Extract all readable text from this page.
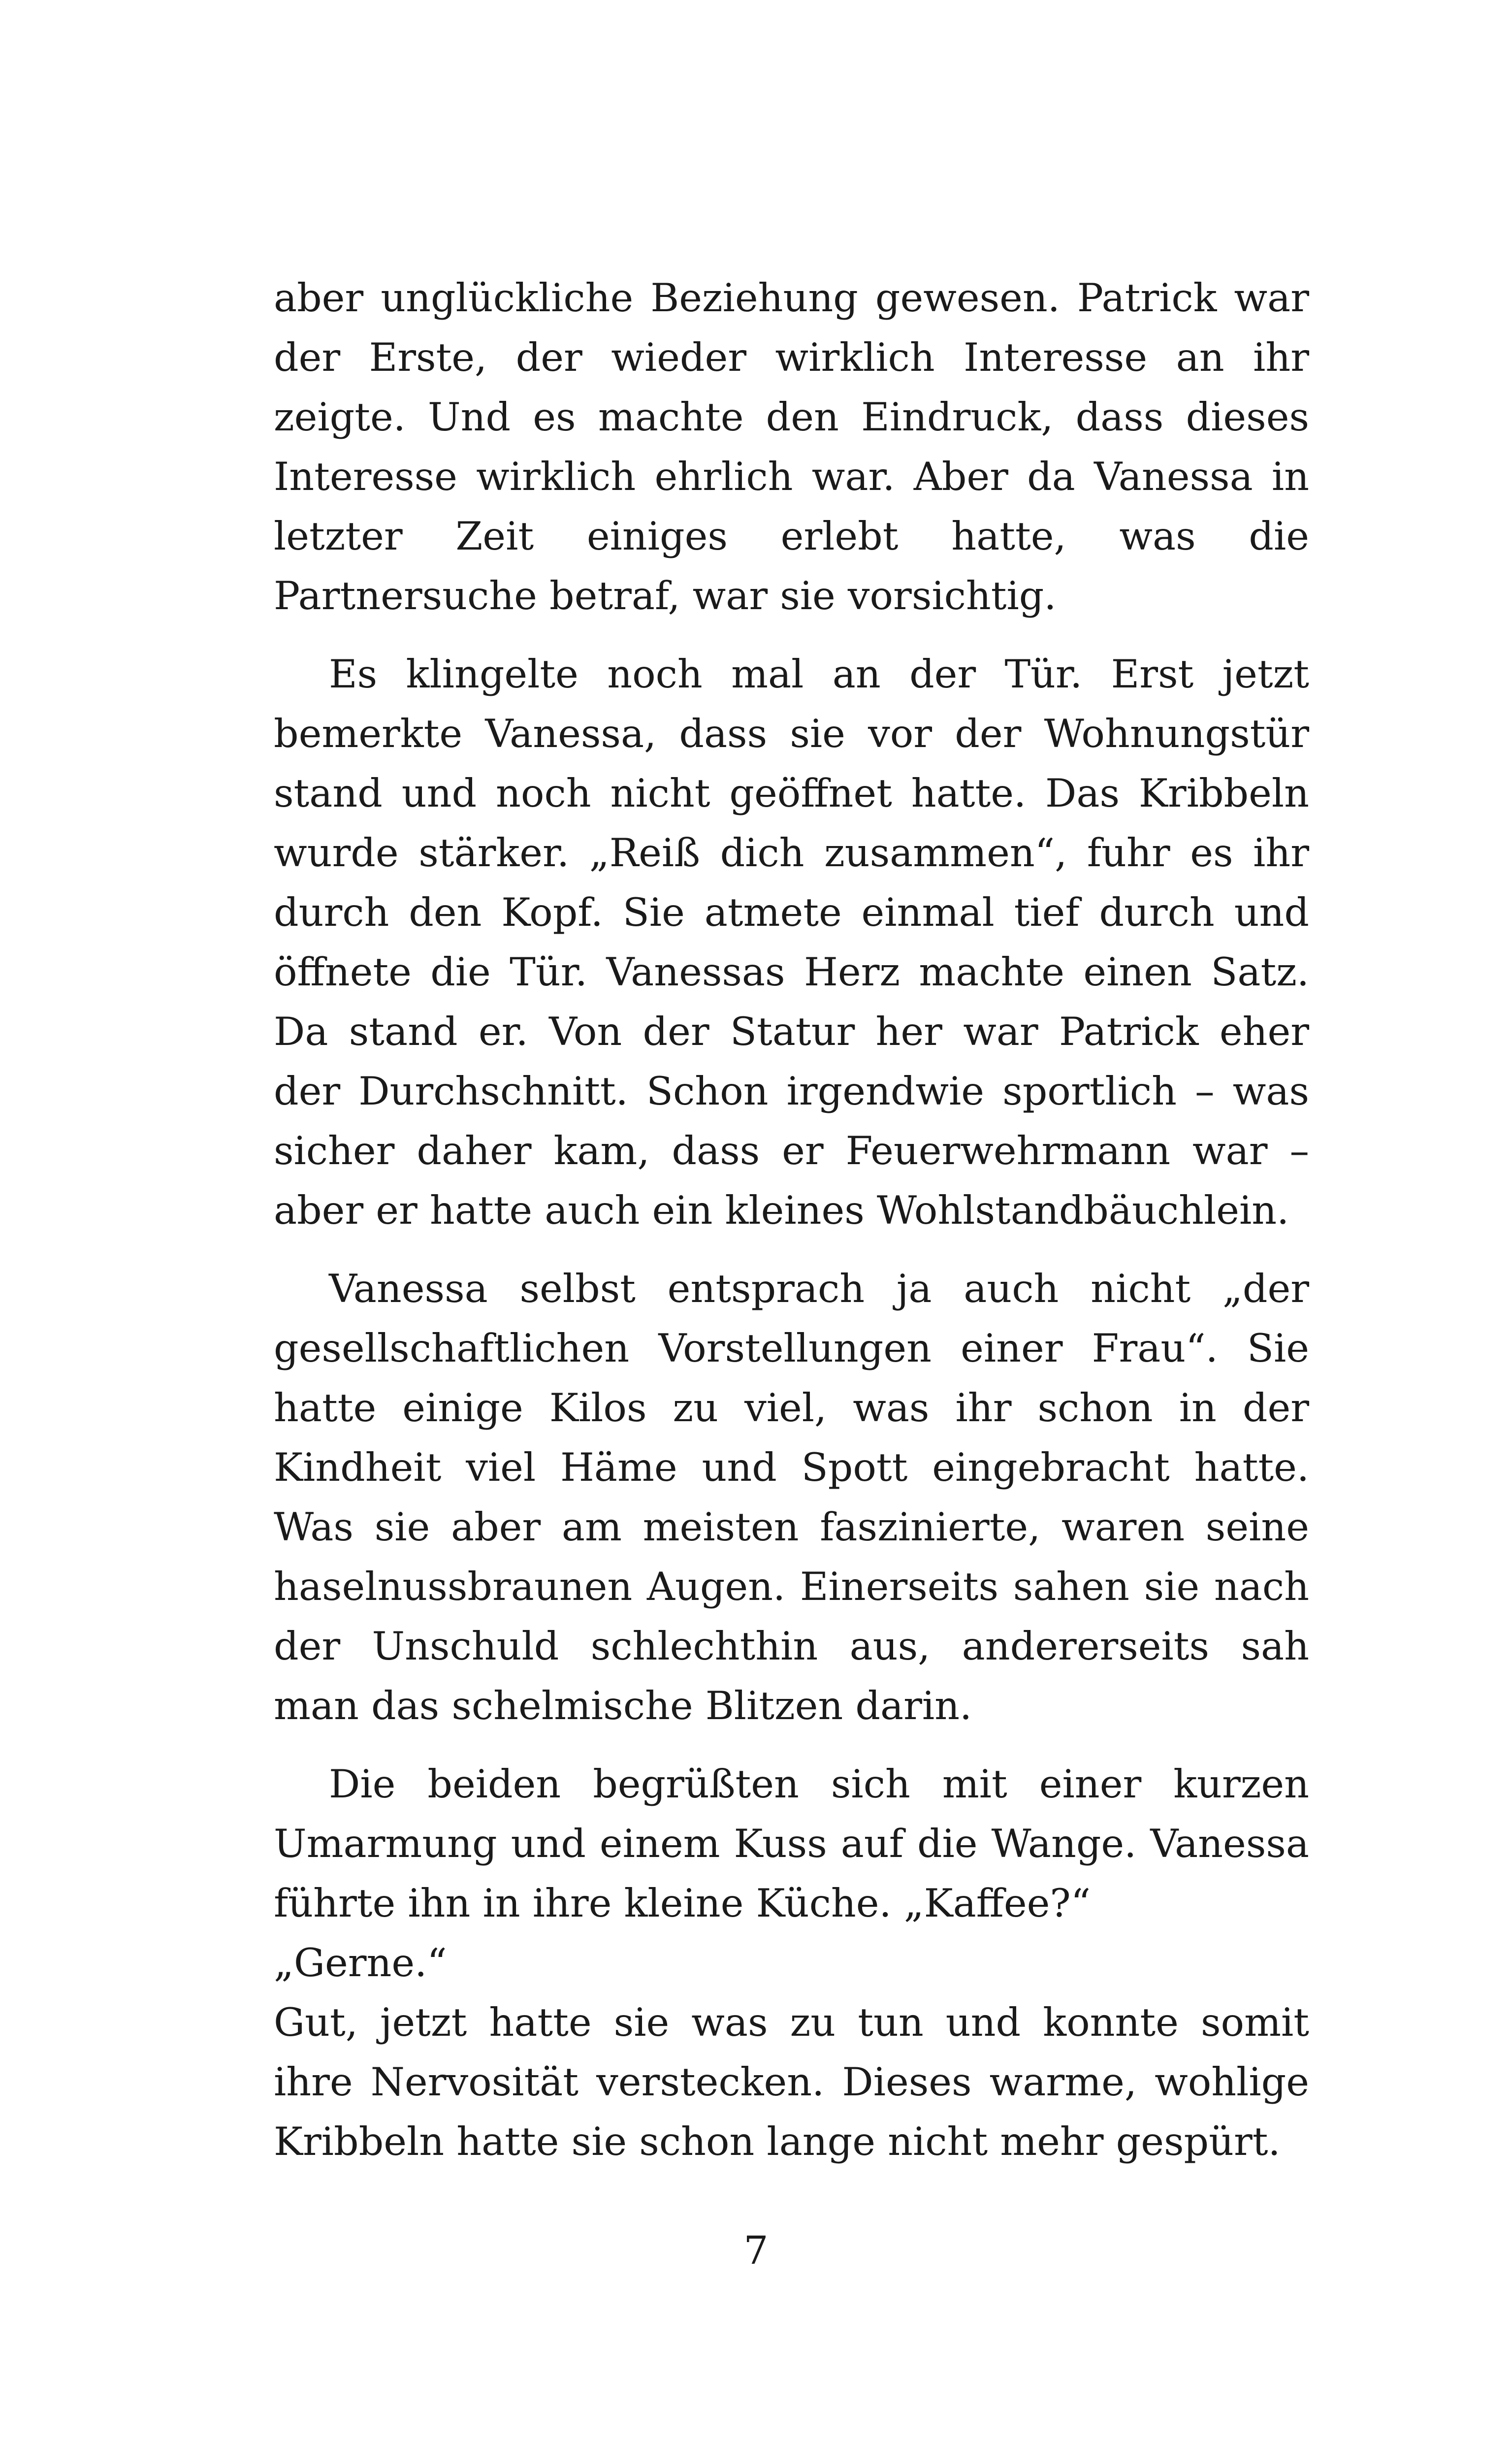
aber unglückliche Beziehung gewesen. Patrick war der Erste, der wieder wirklich Interesse an ihr zeigte. Und es machte den Eindruck, dass dieses Interesse wirklich ehrlich war. Aber da Vanessa in letzter Zeit einiges erlebt hatte, was die Partnersuche betraf, war sie vorsichtig.

Es klingelte noch mal an der Tür. Erst jetzt bemerkte Vanessa, dass sie vor der Wohnungstür stand und noch nicht geöffnet hatte. Das Kribbeln wurde stärker. „Reiß dich zusammen“, fuhr es ihr durch den Kopf. Sie atmete einmal tief durch und öffnete die Tür. Vanessas Herz machte einen Satz. Da stand er. Von der Statur her war Patrick eher der Durchschnitt. Schon irgendwie sportlich – was sicher daher kam, dass er Feuerwehrmann war – aber er hatte auch ein kleines Wohlstandbäuchlein.

Vanessa selbst entsprach ja auch nicht „der gesellschaftlichen Vorstellungen einer Frau“. Sie hatte einige Kilos zu viel, was ihr schon in der Kindheit viel Häme und Spott eingebracht hatte. Was sie aber am meisten faszinierte, waren seine haselnussbraunen Augen. Einerseits sahen sie nach der Unschuld schlechthin aus, andererseits sah man das schelmische Blitzen darin.

Die beiden begrüßten sich mit einer kurzen Umarmung und einem Kuss auf die Wange. Vanessa führte ihn in ihre kleine Küche. „Kaffee?“

„Gerne.“

Gut, jetzt hatte sie was zu tun und konnte somit ihre Nervosität verstecken. Dieses warme, wohlige Kribbeln hatte sie schon lange nicht mehr gespürt.

7
